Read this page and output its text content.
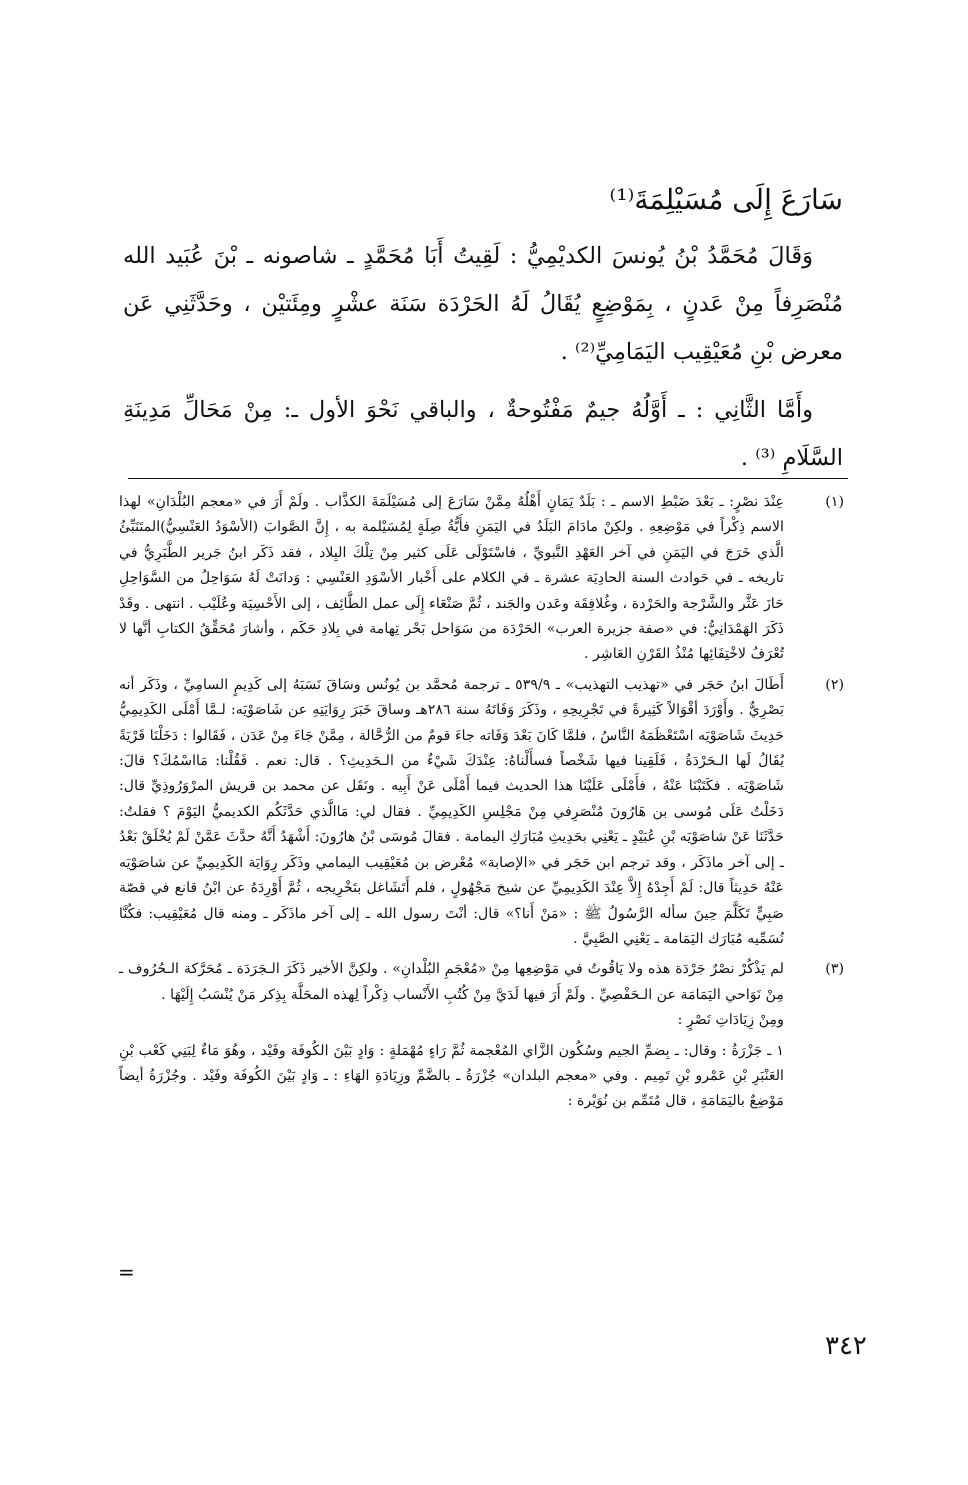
سَارَعَ إِلَى مُسَيْلِمَةَ⁽¹⁾

وَقَالَ مُحَمَّدُ بْنُ يُونسَ الكديْمِيُّ : لَقِيتُ أَبَا مُحَمَّدٍ ـ شاصونه ـ بْنَ عُبَيد الله مُنْصَرِفاً مِنْ عَدنٍ ، بِمَوْضِعٍ يُقَالُ لَهُ الحَرْدَة سَنَة عشْرٍ ومِئَتيْن ، وحَدَّثَنِي عَن معرض بْنِ مُعَيْقِيب اليَمَامِيِّ⁽²⁾ .

وأَمَّا الثَّانِي : ـ أَوَّلُهُ جيمٌ مَفْتُوحةٌ ، والباقي نَحْوَ الأول ـ: مِنْ مَحَالِّ مَدِينَةِ السَّلَامِ ⁽³⁾ .

(١)
عِنْدَ نصْرٍ: ـ بَعْدَ ضَبْطِ الاسم ـ : بَلَدٌ يَمَانٍ أَهْلُهُ مِمَّنْ سَارَعَ إلى مُسَيْلَمَةَ الكذَّاب . ولَمْ أَرَ في «معجم البُلْدَانِ» لهذا الاسم ذِكْراً في مَوْضِعِهِ . ولكِنْ مادَامَ البَلَدُ في اليَمَنِ فأَيُّةُ صِلَةٍ لِمُسَيْلمة به ، إِنَّ الصَّوابَ (الأسْوَدُ العَنْسِيُّ)المتَنَبِّئُ الَّذي خَرَجَ في اليَمَنِ في آخر العَهْدِ النَّبويِّ ، فاسْتَوْلَى عَلَى كثير مِنْ تِلْكَ البِلاد ، فقد ذَكَر ابنُ جَرير الطَّبَرِيُّ في تاريخه ـ في حَوادث السنة الحادِيَة عشرة ـ في الكلام على أَخْبار الأسْوَدِ العَنْسِي : وَدانَتْ لَهُ سَوَاحِلُ من السَّوَاحِلِ حَازَ عَثَّر والشَّرْجة والحَرْدة ، وغُلافِقَة وعَدن والجَند ، ثُمَّ صَنْعَاء إِلَى عمل الطَّائِف ، إلى الأَحْسِيَة وعُلَيْب . انتهى . وقَدْ ذَكَرَ الهَمْدَانِيُّ: في «صفة جزيرة العرب» الحَرْدَة من سَوَاحل بَحْر تِهامة في بِلادِ حَكَم ، وأشارَ مُحَقِّقُ الكتابِ أنَّها لا تُعْرَفُ لاخْتِفَائِها مُنْذُ القَرْنِ العَاشِر .
(٢)
أَطَالَ ابنُ حَجَر في «تهذيب التهذيب» ـ ٥٣٩/٩ ـ ترجمة مُحمَّد بن يُونُس وسَاقَ نَسَبَهُ إلى كَدِيمٍ السامِيِّ ، وذَكَر أنه بَصْرِيٌّ . وأَوْرَدَ أقْوَالاً كَثِيرةً في تَجْرِيحِهِ ، وذَكَرَ وَفَاتَهُ سنة ٢٨٦هـ وساقَ خَبَرَ رِوَايَتِهِ عن شَاصَوْيَه: لـمَّا أَمْلَى الكَدِيمِيُّ حَدِيثَ شَاصَوْيَه اسْتَعْظَمَهُ النَّاسُ ، فلمَّا كَانَ بَعْدَ وَفَاته جاءَ قومٌ من الرُّحَّالة ، مِمَّنْ جَاءَ مِنْ عَدَن ، فَقَالوا : دَخَلْنَا قَرْيَةً يُقَالُ لَها الـحَرْدَةُ ، فَلَقِينا فيها شَخْصاً فسأَلْناهُ: عِنْدَكَ شَيْءٌ من الـحَدِيثِ؟ . قال: نعم . فَقُلْنا: مَااسْمُكَ؟ قالَ: شَاصَوْيَه . فكَتَبْنَا عَنْهُ ، فأَمْلَى عَلَيْنَا هذا الحديث فيما أَمْلَى عَنْ أَبِيه . ونَقَل عن محمد بن قريش المرْوَرُوذِيِّ قال: دَخَلْتُ عَلَى مُوسى بن هَارُونَ مُنْصَرِفي مِنْ مَجْلِسِ الكَدِيمِيِّ . فقال لي: مَاالَّذي حَدَّثَكُم الكديميُّ اليَوْمَ ؟ فقلتُ: حَدَّثَنَا عَنْ شاصَوْيَه بْنِ عُبَيْدٍ ـ يَعْنِي بحَدِيثِ مُبَارَكِ اليمامة . فقالَ مُوسَى بْنُ هارُونَ: أَشْهَدُ أَنَّهُ حدَّثَ عَمَّنْ لَمْ يُخْلَقْ بَعْدُ ـ إلى آخر ماذَكَر ، وقد ترجم ابن حَجَر في «الإصابة» مُعْرض بن مُعَيْقِيب اليمامي وذَكَر رِوَايَة الكَدِيمِيِّ عن شاصَوْيَه عَنْهُ حَدِيثاً قال: لَمْ أَجِدْهُ إِلاَّ عِنْدَ الكَدِيمِيِّ عن شيخ مَجْهُولٍ ، فلم أَتَشَاغل بتَخْرِيجه ، ثُمَّ أَوْرِدَهُ عن ابْنُ قانع في قصّة صَبِيٍّ تَكَلَّمَ حِينَ سأله الرَّسُولُ ﷺ : «مَنْ أَنا؟» قال: أنْتَ رسول الله ـ إلى آخر ماذَكَر ـ ومنه قال مُعَيْقِيب: فكُنَّا نُسَمِّيه مُبَارَك اليَمَامة ـ يَعْنِي الصَّبِيَّ .
(٣)
لم يَذْكُرْ نصْرٌ جَرْدَة هذه ولا يَاقُوتُ في مَوْضِعِها مِنْ «مُعْجَمِ البُلْدانِ» . ولكِنَّ الأخير ذَكَرَ الـجَرَدَة ـ مُحَرَّكة الـحُرُوف ـ مِنْ نَوَاحي اليَمَامَة عن الـحَفْصِيِّ . ولَمْ أَرَ فيها لَدَيَّ مِنْ كُتُبِ الأَنْساب ذِكْراً لِهذه المحَلَّة بِذِكر مَنْ يُنْسَبُ إِلَيْهَا .
ومِنْ زِيَادَاتِ نَصْرٍ :
١ ـ جَزْرَةُ : وقال: ـ بِضمِّ الجيم وسُكُون الزَّاي المُعْجمة ثُمَّ رَاءٍ مُهْمَلةٍ : وَادٍ بَيْنَ الكُوفَة وفَيْد ، وهُوَ مَاءٌ لِبَنِي كَعْب بْنِ العَنْبَرِ بْنِ عَمْرو بْنِ تَمِيم . وفي «معجم البلدان» جُزْرَةُ ـ بالضَّمِّ وزِيَادَةِ الهَاءِ : ـ وَادٍ بَيْنَ الكُوفَة وفَيْد . وجُزْرَةُ أيضاً مَوْضِعٌ باليَمَامَةِ ، قال مُتَمِّم بن نُوَيْرة :
=
٣٤٢
